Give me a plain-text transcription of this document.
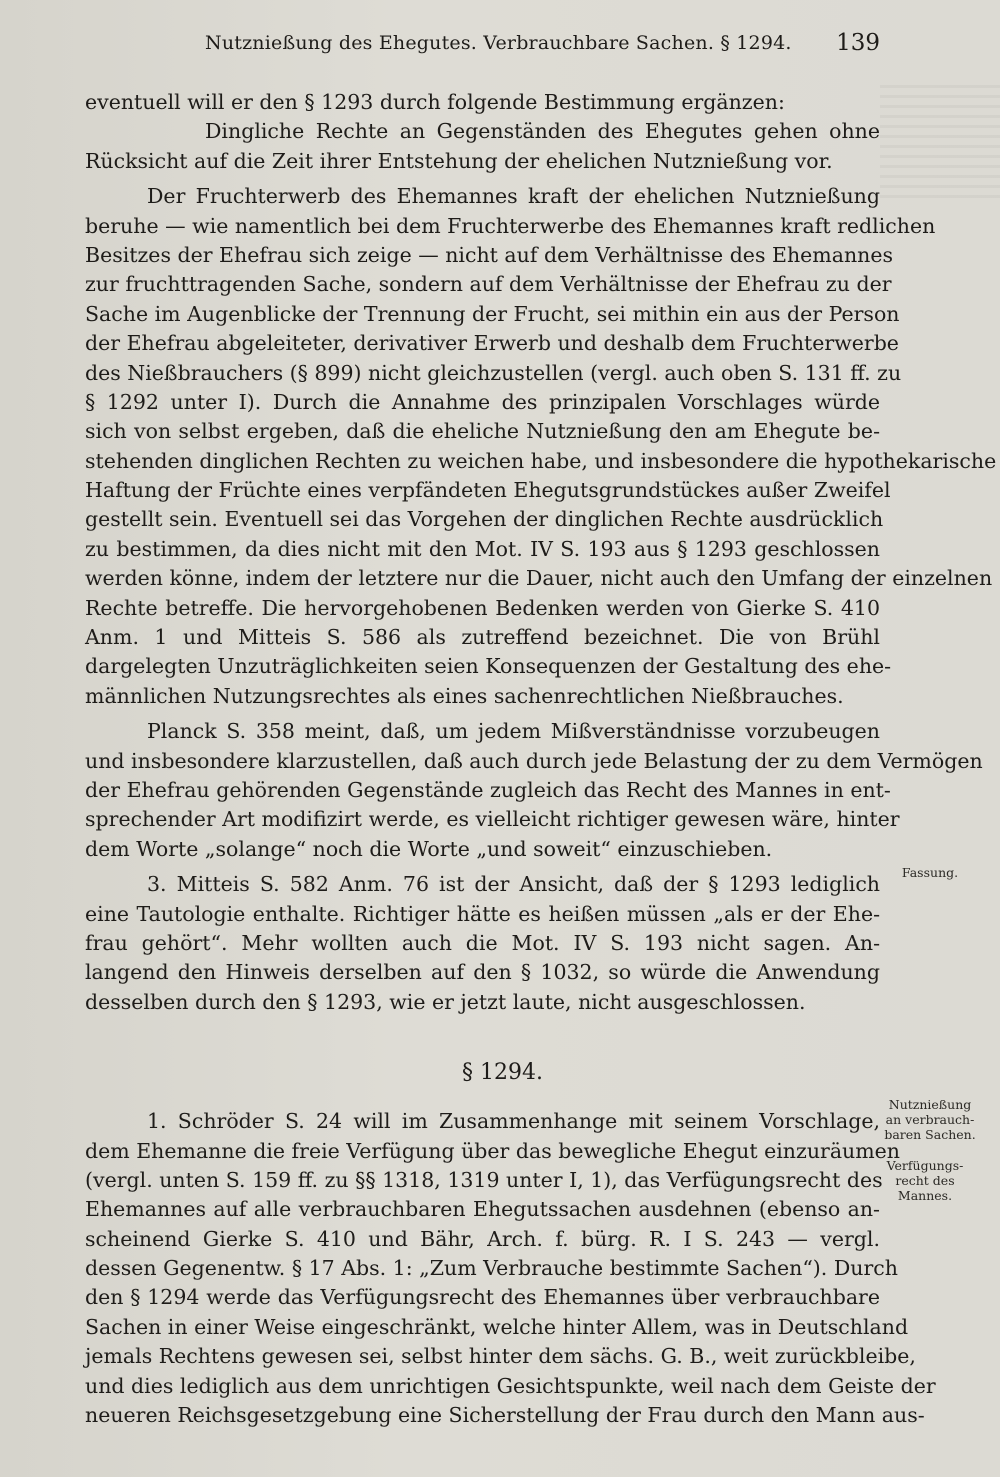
Nutznießung des Ehegutes. Verbrauchbare Sachen. § 1294. 139
eventuell will er den § 1293 durch folgende Bestimmung ergänzen:
Dingliche Rechte an Gegenständen des Ehegutes gehen ohne
Rücksicht auf die Zeit ihrer Entstehung der ehelichen Nutznießung vor.
Der Fruchterwerb des Ehemannes kraft der ehelichen Nutznießung
beruhe — wie namentlich bei dem Fruchterwerbe des Ehemannes kraft redlichen
Besitzes der Ehefrau sich zeige — nicht auf dem Verhältnisse des Ehemannes
zur fruchttragenden Sache, sondern auf dem Verhältnisse der Ehefrau zu der
Sache im Augenblicke der Trennung der Frucht, sei mithin ein aus der Person
der Ehefrau abgeleiteter, derivativer Erwerb und deshalb dem Fruchterwerbe
des Nießbrauchers (§ 899) nicht gleichzustellen (vergl. auch oben S. 131 ff. zu
§ 1292 unter I). Durch die Annahme des prinzipalen Vorschlages würde
sich von selbst ergeben, daß die eheliche Nutznießung den am Ehegute be-
stehenden dinglichen Rechten zu weichen habe, und insbesondere die hypothekarische
Haftung der Früchte eines verpfändeten Ehegutsgrundstückes außer Zweifel
gestellt sein. Eventuell sei das Vorgehen der dinglichen Rechte ausdrücklich
zu bestimmen, da dies nicht mit den Mot. IV S. 193 aus § 1293 geschlossen
werden könne, indem der letztere nur die Dauer, nicht auch den Umfang der einzelnen
Rechte betreffe. Die hervorgehobenen Bedenken werden von Gierke S. 410
Anm. 1 und Mitteis S. 586 als zutreffend bezeichnet. Die von Brühl
dargelegten Unzuträglichkeiten seien Konsequenzen der Gestaltung des ehe-
männlichen Nutzungsrechtes als eines sachenrechtlichen Nießbrauches.
Planck S. 358 meint, daß, um jedem Mißverständnisse vorzubeugen
und insbesondere klarzustellen, daß auch durch jede Belastung der zu dem Vermögen
der Ehefrau gehörenden Gegenstände zugleich das Recht des Mannes in ent-
sprechender Art modifizirt werde, es vielleicht richtiger gewesen wäre, hinter
dem Worte „solange“ noch die Worte „und soweit“ einzuschieben.
3. Mitteis S. 582 Anm. 76 ist der Ansicht, daß der § 1293 lediglich
eine Tautologie enthalte. Richtiger hätte es heißen müssen „als er der Ehe-
frau gehört“. Mehr wollten auch die Mot. IV S. 193 nicht sagen. An-
langend den Hinweis derselben auf den § 1032, so würde die Anwendung
desselben durch den § 1293, wie er jetzt laute, nicht ausgeschlossen.
§ 1294.
1. Schröder S. 24 will im Zusammenhange mit seinem Vorschlage,
dem Ehemanne die freie Verfügung über das bewegliche Ehegut einzuräumen
(vergl. unten S. 159 ff. zu §§ 1318, 1319 unter I, 1), das Verfügungsrecht des
Ehemannes auf alle verbrauchbaren Ehegutssachen ausdehnen (ebenso an-
scheinend Gierke S. 410 und Bähr, Arch. f. bürg. R. I S. 243 — vergl.
dessen Gegenentw. § 17 Abs. 1: „Zum Verbrauche bestimmte Sachen“). Durch
den § 1294 werde das Verfügungsrecht des Ehemannes über verbrauchbare
Sachen in einer Weise eingeschränkt, welche hinter Allem, was in Deutschland
jemals Rechtens gewesen sei, selbst hinter dem sächs. G. B., weit zurückbleibe,
und dies lediglich aus dem unrichtigen Gesichtspunkte, weil nach dem Geiste der
neueren Reichsgesetzgebung eine Sicherstellung der Frau durch den Mann aus-
Fassung.
Nutznießung
an verbrauch-
baren Sachen.
Verfügungs-
recht des
Mannes.
